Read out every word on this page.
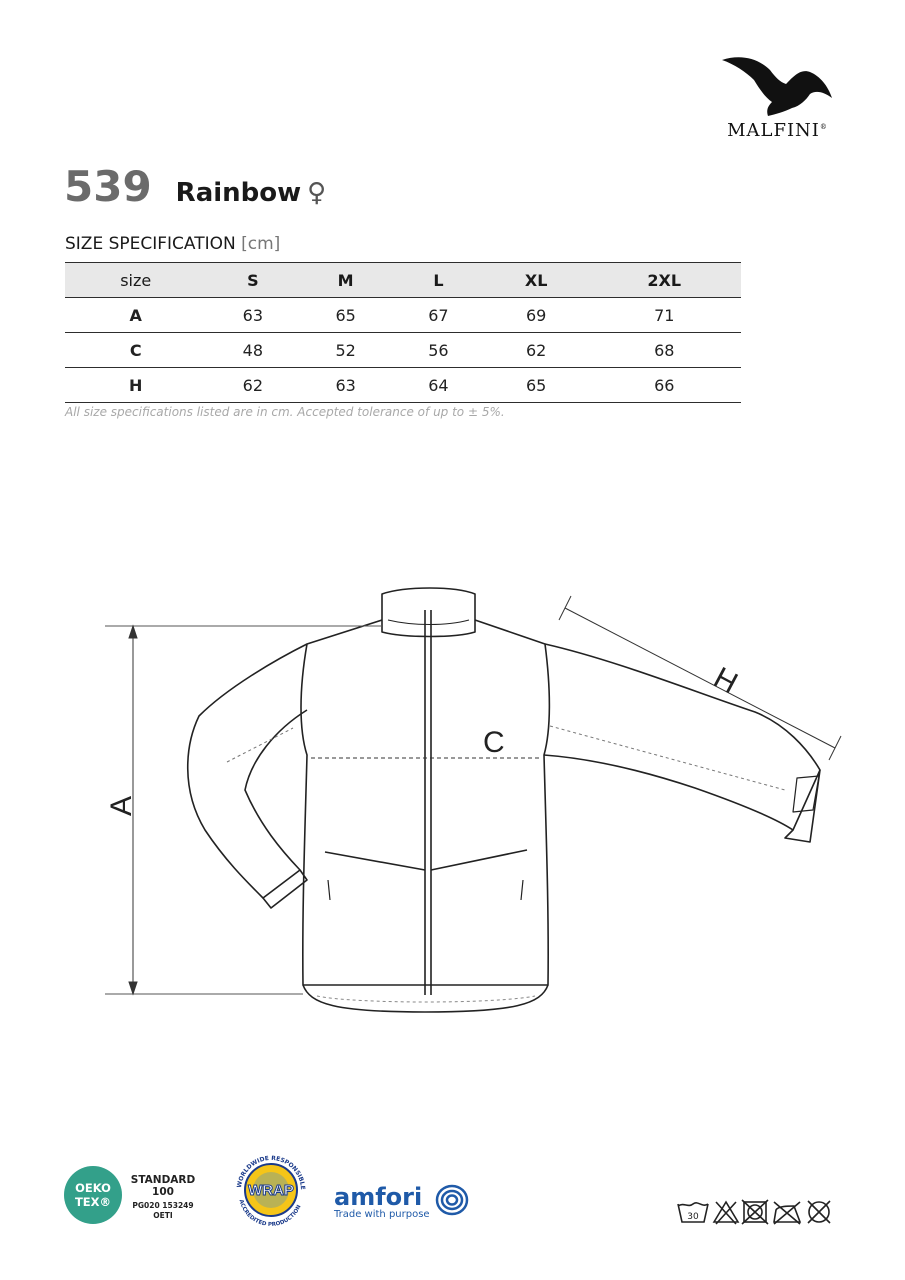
MALFINI®
539 Rainbow ♀
SIZE SPECIFICATION [cm]
size	S	M	L	XL	2XL
A	63	65	67	69	71
C	48	52	56	62	68
H	62	63	64	65	66
All size specifications listed are in cm. Accepted tolerance of up to ± 5%.
A
C
H
OEKO
TEX®
STANDARD
100
PG020 153249
OETI
WORLDWIDE RESPONSIBLE
ACCREDITED PRODUCTION
WRAP amfori
Trade with purpose	30
